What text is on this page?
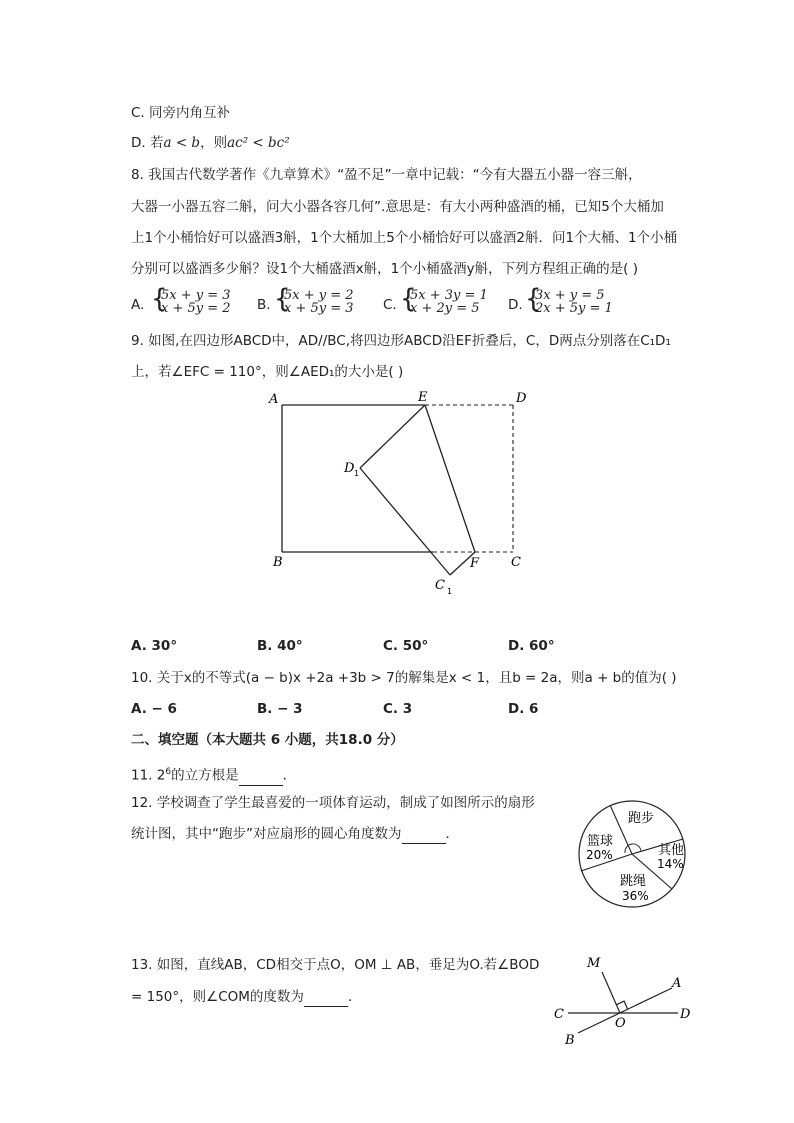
C. 同旁内角互补
D. 若a < b，则ac² < bc²
8. 我国古代数学著作《九章算术》“盈不足”一章中记载：“今有大器五小器一容三斛，
大器一小器五容二斛，问大小器各容几何”.意思是：有大小两种盛酒的桶，已知5个大桶加
上1个小桶恰好可以盛酒3斛，1个大桶加上5个小桶恰好可以盛酒2斛．问1个大桶、1个小桶
分别可以盛酒多少斛？设1个大桶盛酒x斛，1个小桶盛酒y斛，下列方程组正确的是( )
A. {
5x + y = 3
x + 5y = 2 B. {
5x + y = 2
x + 5y = 3 C. {
5x + 3y = 1
x + 2y = 5 D. {
3x + y = 5
2x + 5y = 1
9. 如图,在四边形ABCD中，AD//BC,将四边形ABCD沿EF折叠后，C，D两点分别落在C₁D₁
上，若∠EFC = 110°，则∠AED₁的大小是( )
A	E	D
D 1
B	F C
C 1
A. 30°	B. 40°	C. 50°	D. 60°
10. 关于x的不等式(a − b)x +2a +3b > 7的解集是x < 1，且b = 2a，则a + b的值为( )
A. − 6	B. − 3	C. 3	D. 6
二、填空题（本大题共 6 小题，共18.0 分）
11. $2^6$的立方根是	．
12. 学校调查了学生最喜爱的一项体育运动，制成了如图所示的扇形
统计图，其中“跑步”对应扇形的圆心角度数为	．
跑步
篮球
20%	其他
14%
跳绳
36%
13. 如图，直线AB，CD相交于点O，OM ⊥ AB，垂足为O.若∠BOD
= 150°，则∠COM的度数为	．
M
A
C
O
D
B
